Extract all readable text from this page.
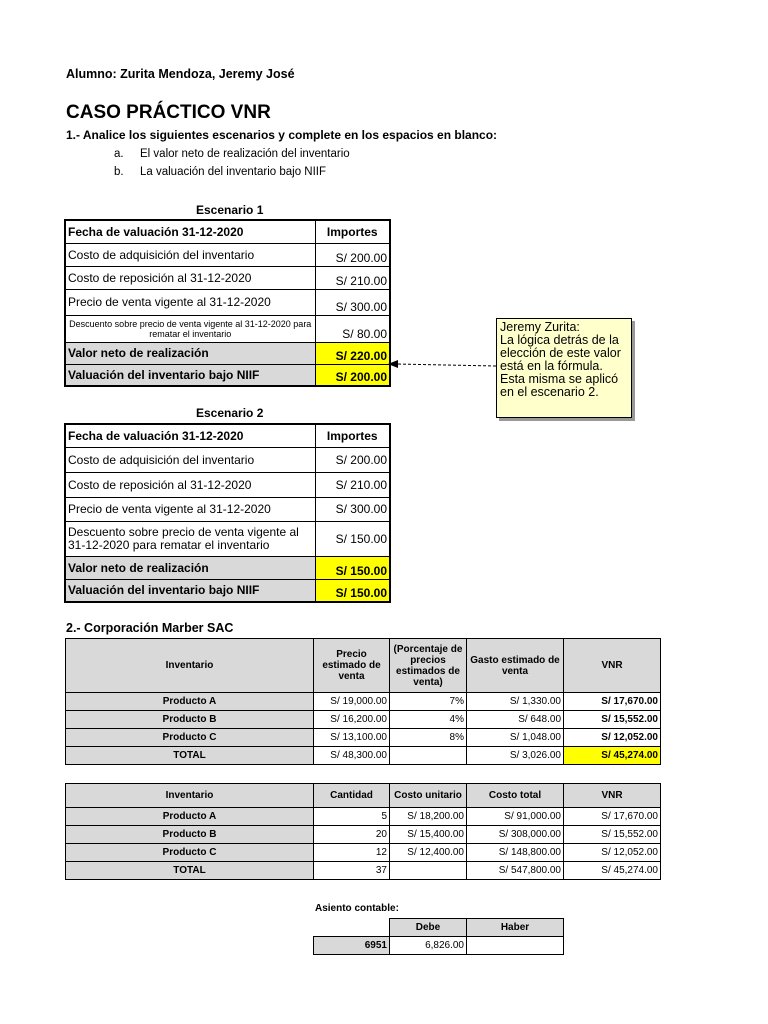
Alumno: Zurita Mendoza, Jeremy José
CASO PRÁCTICO VNR
1.- Analice los siguientes escenarios y complete en los espacios en blanco:
a. El valor neto de realización del inventario
b. La valuación del inventario bajo NIIF
Escenario 1
Fecha de valuación 31-12-2020	Importes
Costo de adquisición del inventario	S/ 200.00
Costo de reposición al 31-12-2020	S/ 210.00
Precio de venta vigente al 31-12-2020	S/ 300.00
Descuento sobre precio de venta vigente al 31-12-2020 para rematar el inventario	S/ 80.00
Valor neto de realización	S/ 220.00
Valuación del inventario bajo NIIF	S/ 200.00
Jeremy Zurita:
La lógica detrás de la elección de este valor está en la fórmula. Esta misma se aplicó en el escenario 2.
Escenario 2
Fecha de valuación 31-12-2020	Importes
Costo de adquisición del inventario	S/ 200.00
Costo de reposición al 31-12-2020	S/ 210.00
Precio de venta vigente al 31-12-2020	S/ 300.00
Descuento sobre precio de venta vigente al 31-12-2020 para rematar el inventario	S/ 150.00
Valor neto de realización	S/ 150.00
Valuación del inventario bajo NIIF	S/ 150.00
2.- Corporación Marber SAC
Inventario	Precio estimado de venta	(Porcentaje de precios estimados de venta)	Gasto estimado de venta	VNR
Producto A	S/ 19,000.00	7%	S/ 1,330.00	S/ 17,670.00
Producto B	S/ 16,200.00	4%	S/ 648.00	S/ 15,552.00
Producto C	S/ 13,100.00	8%	S/ 1,048.00	S/ 12,052.00
TOTAL	S/ 48,300.00		S/ 3,026.00	S/ 45,274.00
Inventario	Cantidad	Costo unitario	Costo total	VNR
Producto A	5	S/ 18,200.00	S/ 91,000.00	S/ 17,670.00
Producto B	20	S/ 15,400.00	S/ 308,000.00	S/ 15,552.00
Producto C	12	S/ 12,400.00	S/ 148,800.00	S/ 12,052.00
TOTAL	37		S/ 547,800.00	S/ 45,274.00
Asiento contable:
	Debe	Haber
6951	6,826.00	
